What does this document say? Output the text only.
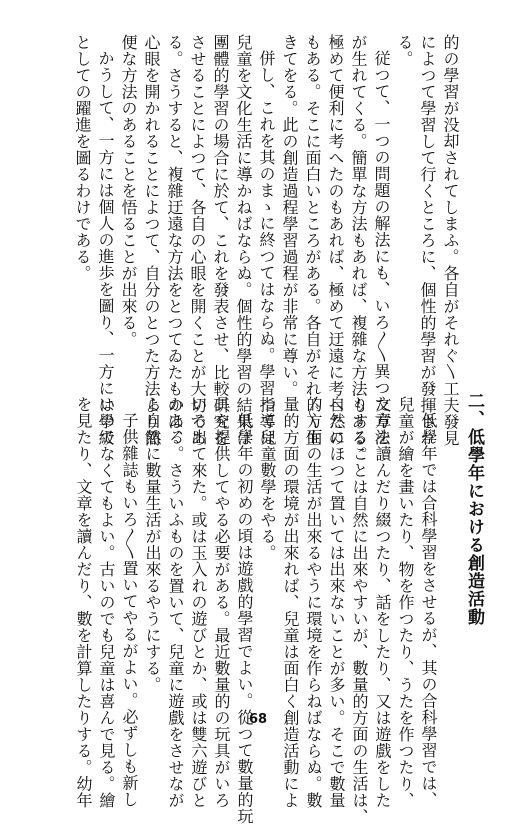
的の學習が没却されてしまふ。各自がそれぐ〵工夫發見
によつて學習して行くところに、個性的學習が發揮され
る。
従つて、一つの問題の解法にも、いろ〳〵異つた方法
が生れてくる。簡單な方法もあれば、複雜な方法もある。
極めて便利に考へたのもあれば、極めて迂遠に考へたの
もある。そこに面白いところがある。各自がそれ〴〵生
きてをる。此の創造過程學習過程が非常に尊い。
併し、これを其のまゝに終つてはならぬ。學習指導は
兒童を文化生活に導かねばならぬ。個性的學習の結果は
團體的學習の場合に於て、これを發表させ、比較研究を
させることによつて、各自の心眼を開くことが大切であ
る。さうすると、複雜迂遠な方法をとつてゐたものは、
心眼を開かれることによつて、自分のとつた方法より簡
便な方法のあることを悟ることが出來る。
かうして、一方には個人の進歩を圖り、一方には學級
としての躍進を圖るわけである。
二、低學年における創造活動
低學年では合科學習をさせるが、其の合科學習では、
兒童が繪を畫いたり、物を作つたり、うたを作つたり、
文章を讀んだり綴つたり、話をしたり、又は遊戲をした
りすることは自然に出來やすいが、數量的方面の生活は、
自然にほつて置いては出來ないことが多い。そこで數量
的方面の生活が出來るやうに環境を作らねばならぬ。數
量的方面の環境が出來れば、兒童は面白く創造活動によ
つて兒童數學をやる。
低學年の初めの頃は遊戲的學習でよい。從つて數量的玩
具を提供してやる必要がある。最近數量的の玩具がいろ
いろ出て來た。或は玉入れの遊びとか、或は雙六遊びと
かある。さういふものを置いて、兒童に遊戲をさせなが
ら自然に數量生活が出來るやうにする。
子供雜誌もいろ〳〵置いてやるがよい。必ずしも新し
いのでなくてもよい。古いのでも兒童は喜んで見る。繪
を見たり、文章を讀んだり、數を計算したりする。幼年	68
